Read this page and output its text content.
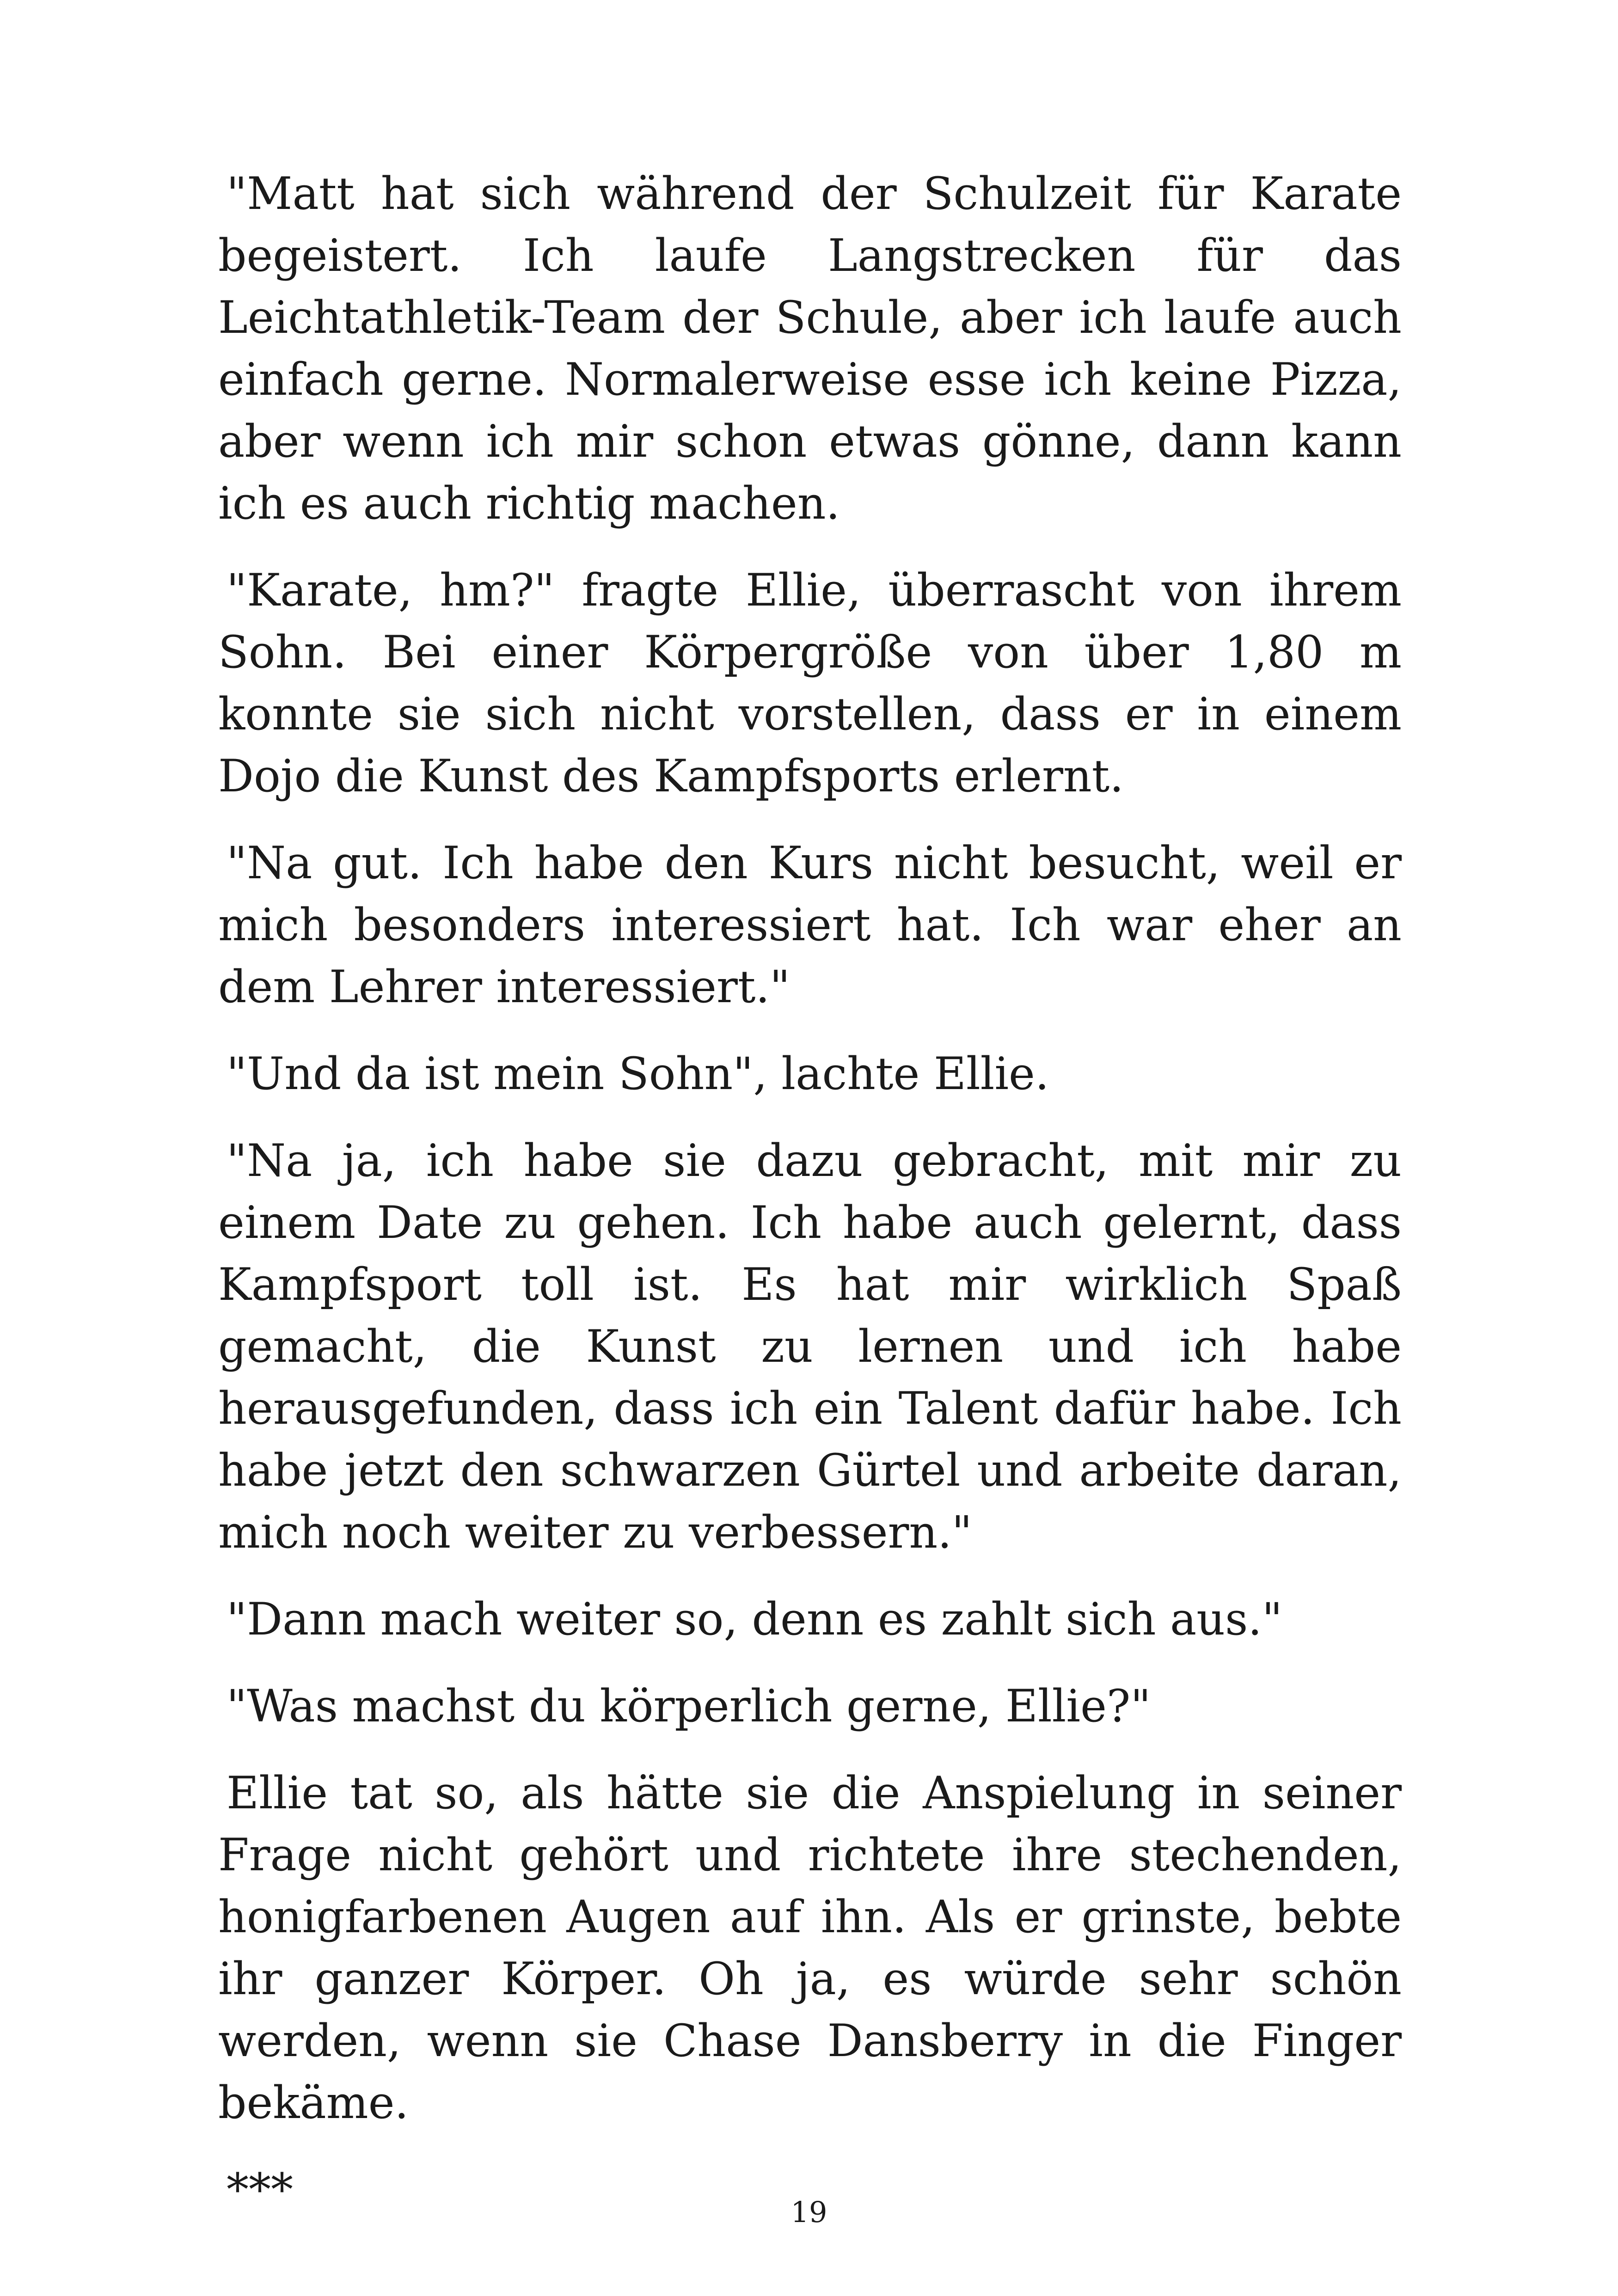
"Matt hat sich während der Schulzeit für Karate begeistert. Ich laufe Langstrecken für das Leichtathletik-Team der Schule, aber ich laufe auch einfach gerne. Normalerweise esse ich keine Pizza, aber wenn ich mir schon etwas gönne, dann kann ich es auch richtig machen.

"Karate, hm?" fragte Ellie, überrascht von ihrem Sohn. Bei einer Körpergröße von über 1,80 m konnte sie sich nicht vorstellen, dass er in einem Dojo die Kunst des Kampfsports erlernt.

"Na gut. Ich habe den Kurs nicht besucht, weil er mich besonders interessiert hat. Ich war eher an dem Lehrer interessiert."

"Und da ist mein Sohn", lachte Ellie.

"Na ja, ich habe sie dazu gebracht, mit mir zu einem Date zu gehen. Ich habe auch gelernt, dass Kampfsport toll ist. Es hat mir wirklich Spaß gemacht, die Kunst zu lernen und ich habe herausgefunden, dass ich ein Talent dafür habe. Ich habe jetzt den schwarzen Gürtel und arbeite daran, mich noch weiter zu verbessern."

"Dann mach weiter so, denn es zahlt sich aus."

"Was machst du körperlich gerne, Ellie?"

Ellie tat so, als hätte sie die Anspielung in seiner Frage nicht gehört und richtete ihre stechenden, honigfarbenen Augen auf ihn. Als er grinste, bebte ihr ganzer Körper. Oh ja, es würde sehr schön werden, wenn sie Chase Dansberry in die Finger bekäme.

***	19
